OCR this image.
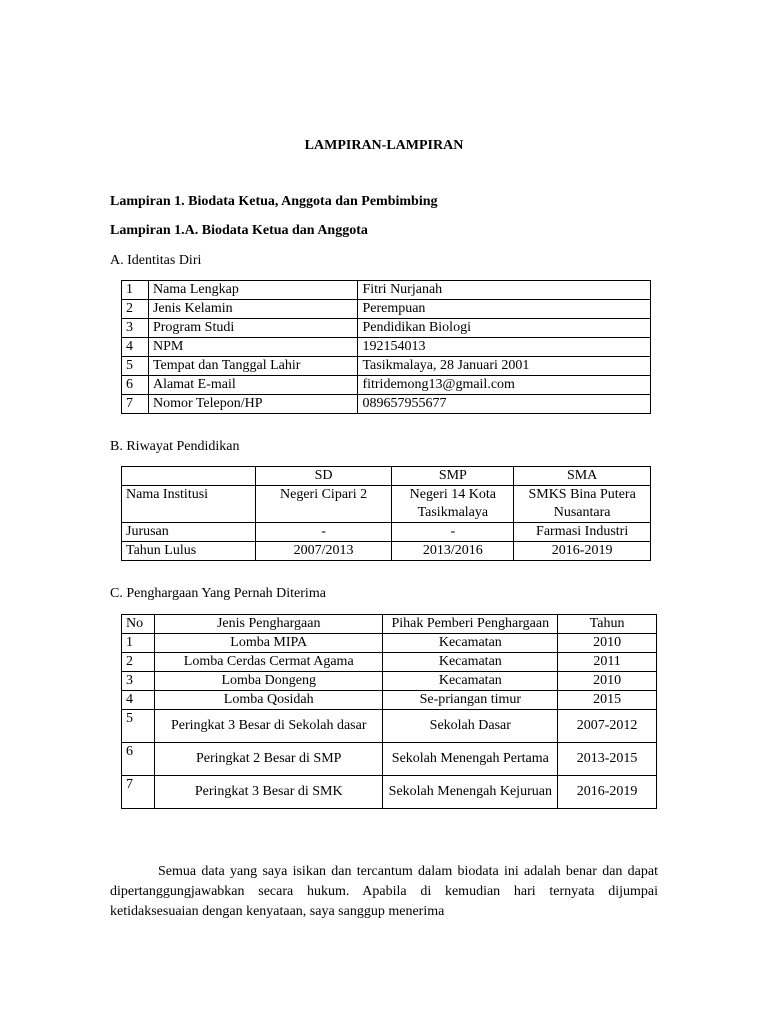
LAMPIRAN-LAMPIRAN
Lampiran 1. Biodata Ketua, Anggota dan Pembimbing
Lampiran 1.A. Biodata Ketua dan Anggota
A. Identitas Diri
1	Nama Lengkap	Fitri Nurjanah
2	Jenis Kelamin	Perempuan
3	Program Studi	Pendidikan Biologi
4	NPM	192154013
5	Tempat dan Tanggal Lahir	Tasikmalaya, 28 Januari 2001
6	Alamat E-mail	fitridemong13@gmail.com
7	Nomor Telepon/HP	089657955677
B. Riwayat Pendidikan
	SD	SMP	SMA
Nama Institusi	Negeri Cipari 2	Negeri 14 Kota Tasikmalaya	SMKS Bina Putera Nusantara
Jurusan	-	-	Farmasi Industri
Tahun Lulus	2007/2013	2013/2016	2016-2019
C. Penghargaan Yang Pernah Diterima
No	Jenis Penghargaan	Pihak Pemberi Penghargaan	Tahun
1	Lomba MIPA	Kecamatan	2010
2	Lomba Cerdas Cermat Agama	Kecamatan	2011
3	Lomba Dongeng	Kecamatan	2010
4	Lomba Qosidah	Se-priangan timur	2015
5	Peringkat 3 Besar di Sekolah dasar	Sekolah Dasar	2007-2012
6	Peringkat 2 Besar di SMP	Sekolah Menengah Pertama	2013-2015
7	Peringkat 3 Besar di SMK	Sekolah Menengah Kejuruan	2016-2019
Semua data yang saya isikan dan tercantum dalam biodata ini adalah benar dan dapat dipertanggungjawabkan secara hukum. Apabila di kemudian hari ternyata dijumpai ketidaksesuaian dengan kenyataan, saya sanggup menerima
